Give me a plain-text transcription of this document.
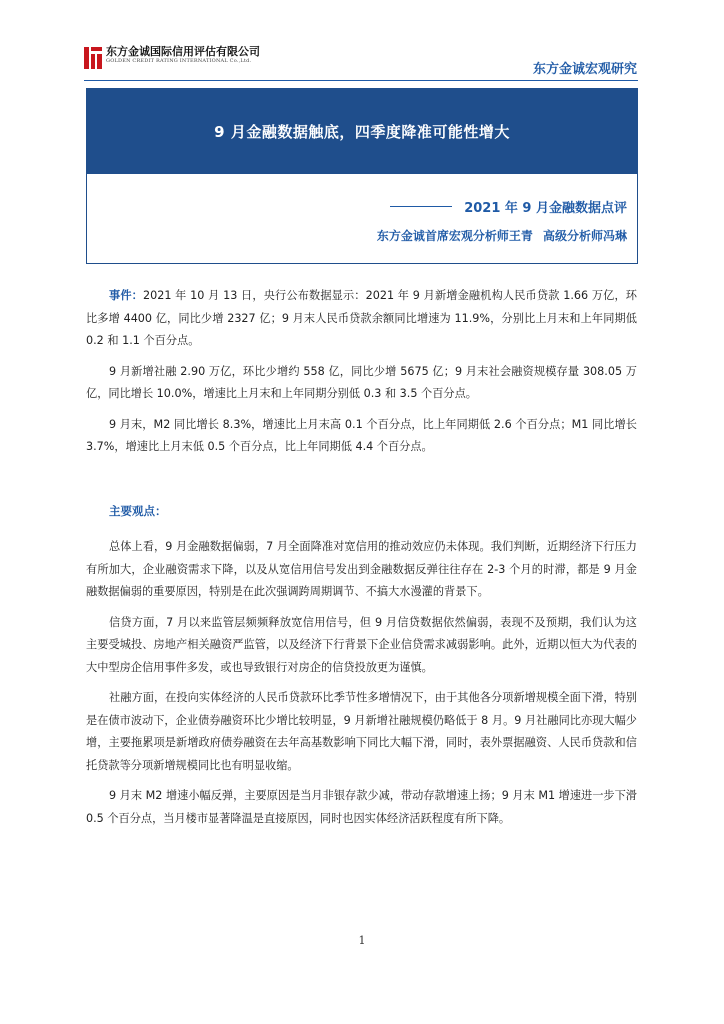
东方金诚国际信用评估有限公司
GOLDEN CREDIT RATING INTERNATIONAL Co.,Ltd.
东方金诚宏观研究
9 月金融数据触底，四季度降准可能性增大
2021 年 9 月金融数据点评
东方金诚首席宏观分析师王青 高级分析师冯琳

事件：2021 年 10 月 13 日，央行公布数据显示：2021 年 9 月新增金融机构人民币贷款 1.66 万亿，环比多增 4400 亿，同比少增 2327 亿；9 月末人民币贷款余额同比增速为 11.9%，分别比上月末和上年同期低 0.2 和 1.1 个百分点。

9 月新增社融 2.90 万亿，环比少增约 558 亿，同比少增 5675 亿；9 月末社会融资规模存量 308.05 万亿，同比增长 10.0%，增速比上月末和上年同期分别低 0.3 和 3.5 个百分点。

9 月末，M2 同比增长 8.3%，增速比上月末高 0.1 个百分点，比上年同期低 2.6 个百分点；M1 同比增长 3.7%，增速比上月末低 0.5 个百分点，比上年同期低 4.4 个百分点。

主要观点：

总体上看，9 月金融数据偏弱，7 月全面降准对宽信用的推动效应仍未体现。我们判断，近期经济下行压力有所加大，企业融资需求下降，以及从宽信用信号发出到金融数据反弹往往存在 2-3 个月的时滞，都是 9 月金融数据偏弱的重要原因，特别是在此次强调跨周期调节、不搞大水漫灌的背景下。

信贷方面，7 月以来监管层频频释放宽信用信号，但 9 月信贷数据依然偏弱，表现不及预期，我们认为这主要受城投、房地产相关融资严监管，以及经济下行背景下企业信贷需求减弱影响。此外，近期以恒大为代表的大中型房企信用事件多发，或也导致银行对房企的信贷投放更为谨慎。

社融方面，在投向实体经济的人民币贷款环比季节性多增情况下，由于其他各分项新增规模全面下滑，特别是在债市波动下，企业债券融资环比少增比较明显，9 月新增社融规模仍略低于 8 月。9 月社融同比亦现大幅少增，主要拖累项是新增政府债券融资在去年高基数影响下同比大幅下滑，同时，表外票据融资、人民币贷款和信托贷款等分项新增规模同比也有明显收缩。

9 月末 M2 增速小幅反弹，主要原因是当月非银存款少减，带动存款增速上扬；9 月末 M1 增速进一步下滑 0.5 个百分点，当月楼市显著降温是直接原因，同时也因实体经济活跃程度有所下降。

1
